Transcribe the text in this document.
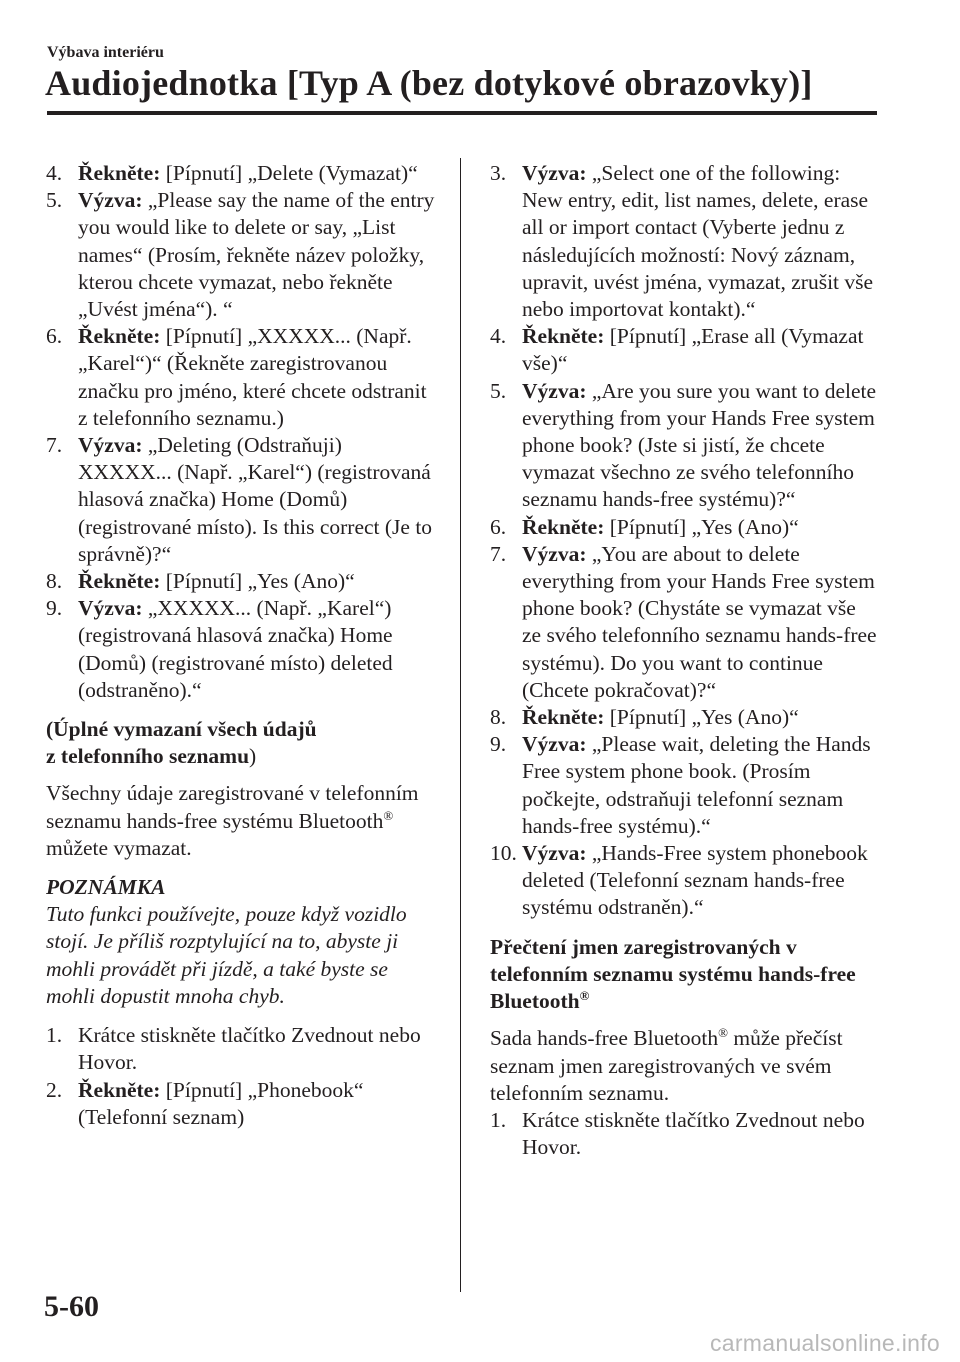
Výbava interiéru
Audiojednotka [Typ A (bez dotykové obrazovky)]
4. Řekněte: [Pípnutí] „Delete (Vymazat)“
5. Výzva: „Please say the name of the entry you would like to delete or say, „List names“ (Prosím, řekněte název položky, kterou chcete vymazat, nebo řekněte „Uvést jména“). “
6. Řekněte: [Pípnutí] „XXXXX... (Např. „Karel“)“ (Řekněte zaregistrovanou značku pro jméno, které chcete odstranit z telefonního seznamu.)
7. Výzva: „Deleting (Odstraňuji) XXXXX... (Např. „Karel“) (registrovaná hlasová značka) Home (Domů) (registrované místo). Is this correct (Je to správně)?“
8. Řekněte: [Pípnutí] „Yes (Ano)“
9. Výzva: „XXXXX... (Např. „Karel“) (registrovaná hlasová značka) Home (Domů) (registrované místo) deleted (odstraněno).“
(Úplné vymazaní všech údajů
z telefonního seznamu)
Všechny údaje zaregistrované v telefonním seznamu hands-free systému Bluetooth® můžete vymazat.
POZNÁMKA
Tuto funkci používejte, pouze když vozidlo stojí. Je příliš rozptylující na to, abyste ji mohli provádět při jízdě, a také byste se mohli dopustit mnoha chyb.
1. Krátce stiskněte tlačítko Zvednout nebo Hovor.
2. Řekněte: [Pípnutí] „Phonebook“ (Telefonní seznam)
3. Výzva: „Select one of the following: New entry, edit, list names, delete, erase all or import contact (Vyberte jednu z následujících možností: Nový záznam, upravit, uvést jména, vymazat, zrušit vše nebo importovat kontakt).“
4. Řekněte: [Pípnutí] „Erase all (Vymazat vše)“
5. Výzva: „Are you sure you want to delete everything from your Hands Free system phone book? (Jste si jistí, že chcete vymazat všechno ze svého telefonního seznamu hands-free systému)?“
6. Řekněte: [Pípnutí] „Yes (Ano)“
7. Výzva: „You are about to delete everything from your Hands Free system phone book? (Chystáte se vymazat vše ze svého telefonního seznamu hands-free systému). Do you want to continue (Chcete pokračovat)?“
8. Řekněte: [Pípnutí] „Yes (Ano)“
9. Výzva: „Please wait, deleting the Hands Free system phone book. (Prosím počkejte, odstraňuji telefonní seznam hands-free systému).“
10. Výzva: „Hands-Free system phonebook deleted (Telefonní seznam hands-free systému odstraněn).“
Přečtení jmen zaregistrovaných v telefonním seznamu systému hands-free Bluetooth®
Sada hands-free Bluetooth® může přečíst seznam jmen zaregistrovaných ve svém telefonním seznamu.
1. Krátce stiskněte tlačítko Zvednout nebo Hovor.
5-60
carmanualsonline.info
